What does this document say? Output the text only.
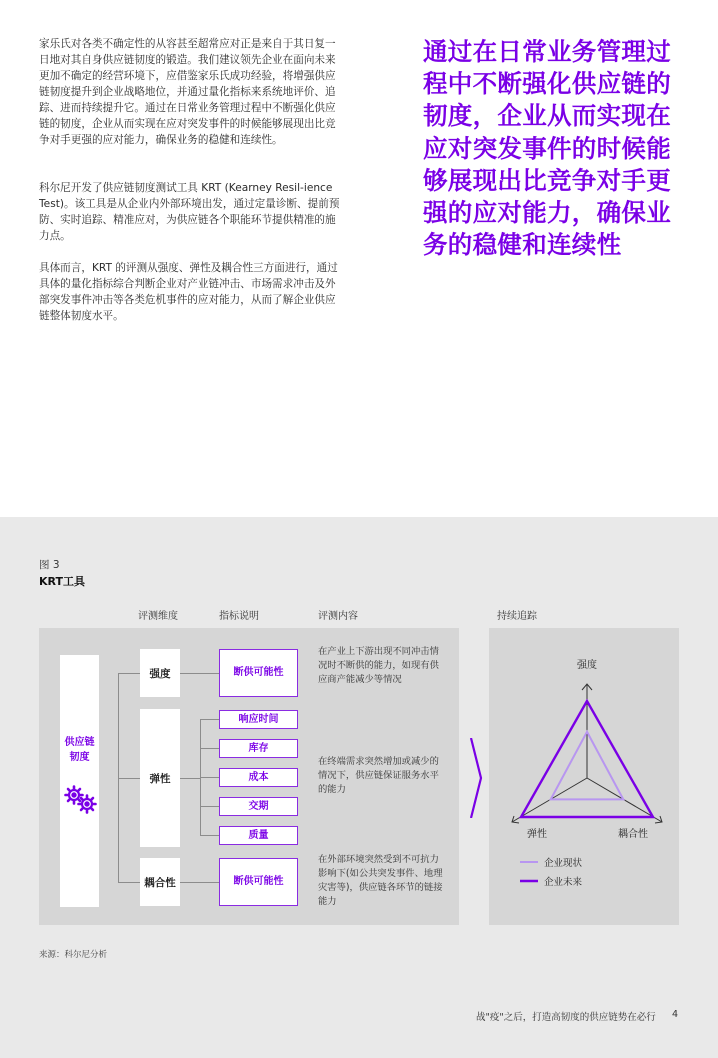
家乐氏对各类不确定性的从容甚至超常应对正是来自于其日复一日地对其自身供应链韧度的锻造。我们建议领先企业在面向未来更加不确定的经营环境下，应借鉴家乐氏成功经验，将增强供应链韧度提升到企业战略地位，并通过量化指标来系统地评价、追踪、进而持续提升它。通过在日常业务管理过程中不断强化供应链的韧度，企业从而实现在应对突发事件的时候能够展现出比竞争对手更强的应对能力，确保业务的稳健和连续性。

科尔尼开发了供应链韧度测试工具 KRT (Kearney Resil-ience Test)。该工具是从企业内外部环境出发，通过定量诊断、提前预防、实时追踪、精准应对，为供应链各个职能环节提供精准的施力点。

具体而言，KRT 的评测从强度、弹性及耦合性三方面进行，通过具体的量化指标综合判断企业对产业链冲击、市场需求冲击及外部突发事件冲击等各类危机事件的应对能力，从而了解企业供应链整体韧度水平。

通过在日常业务管理过程中不断强化供应链的韧度，企业从而实现在应对突发事件的时候能够展现出比竞争对手更强的应对能力，确保业务的稳健和连续性

图 3
KRT工具
评测维度	指标说明	评测内容	持续追踪
供应链韧度
强度
弹性
耦合性
断供可能性
响应时间
库存
成本
交期
质量
断供可能性
在产业上下游出现不同冲击情况时不断供的能力，如现有供应商产能减少等情况
在终端需求突然增加或减少的情况下，供应链保证服务水平的能力
在外部环境突然受到不可抗力影响下(如公共突发事件、地理灾害等)，供应链各环节的链接能力
强度
弹性	耦合性
企业现状
企业未来
来源：科尔尼分析
战"疫"之后，打造高韧度的供应链势在必行 4
